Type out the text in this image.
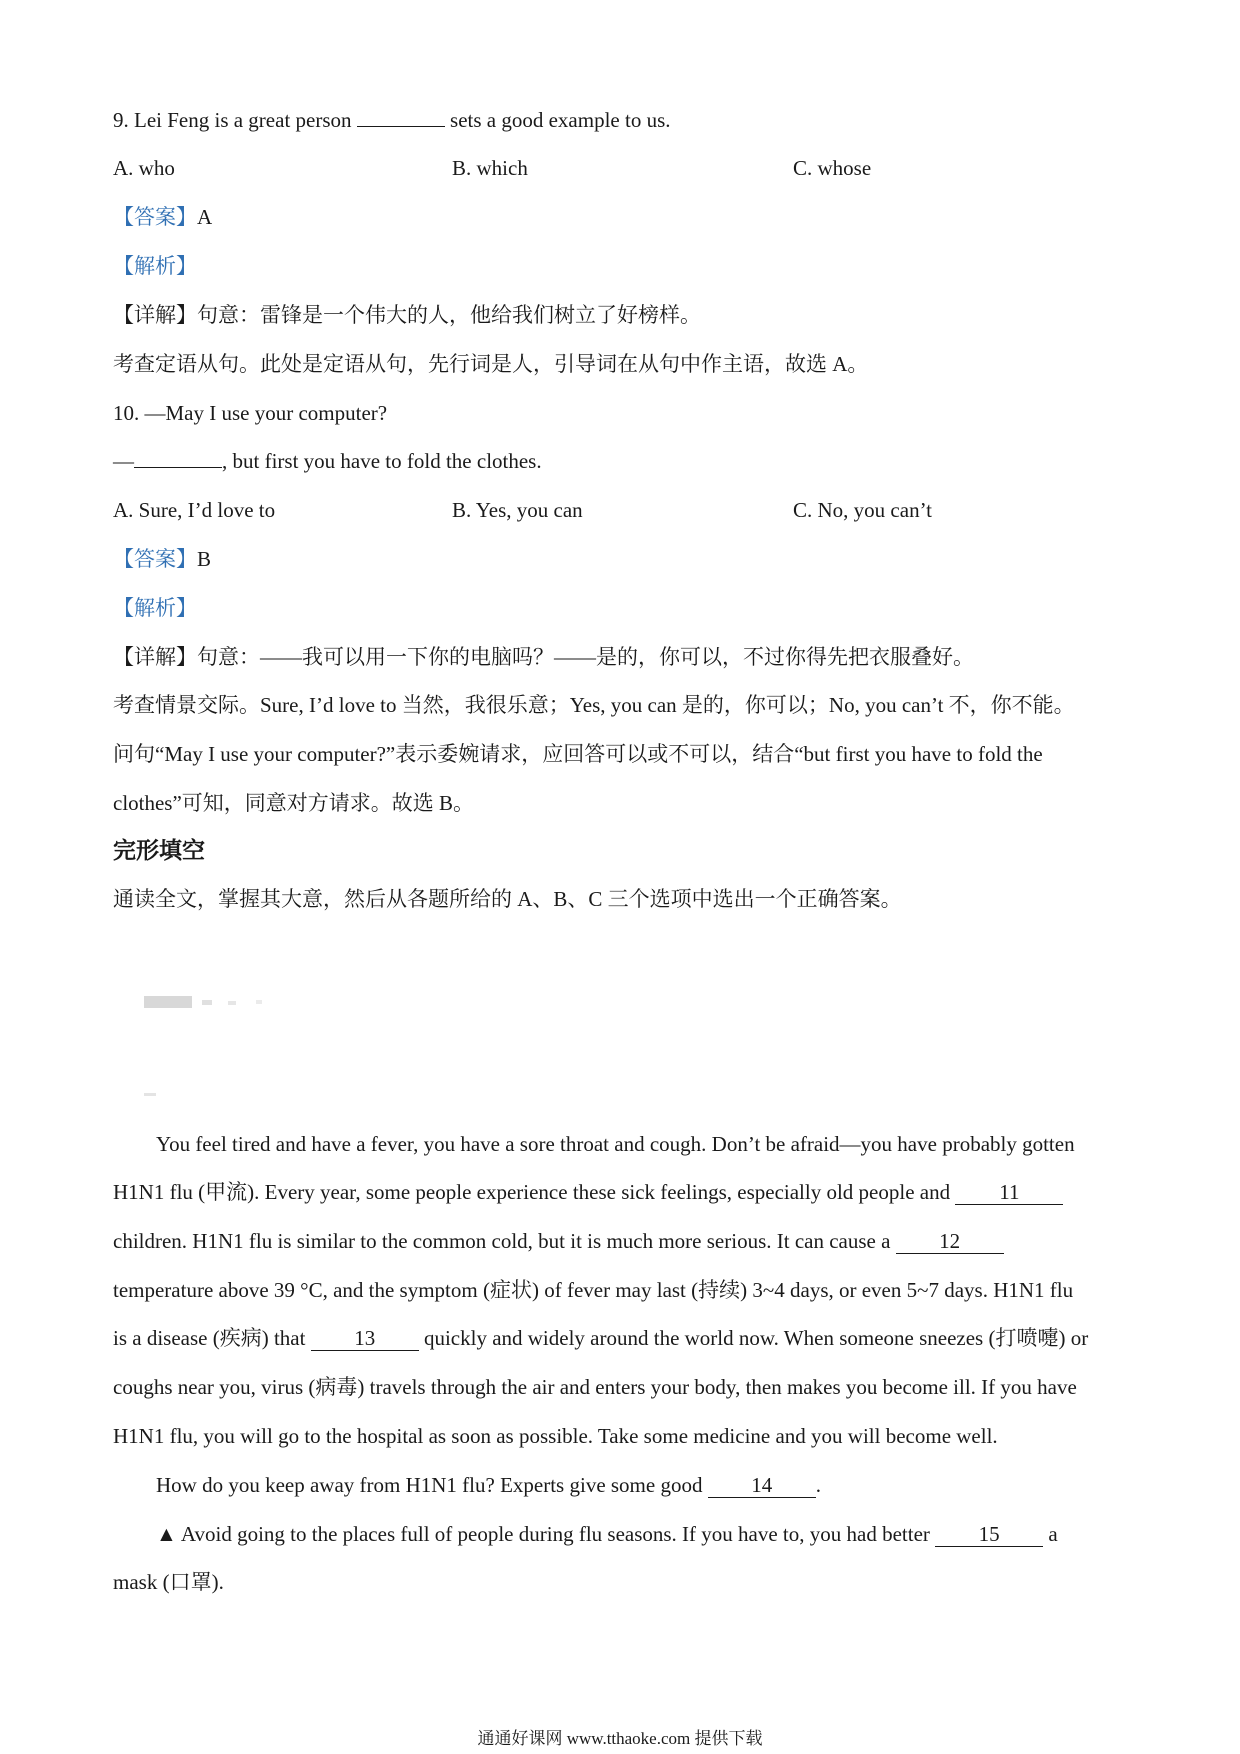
9. Lei Feng is a great person	sets a good example to us.
A. who	B. which	C. whose
【答案】A
【解析】
【详解】句意：雷锋是一个伟大的人，他给我们树立了好榜样。
考查定语从句。此处是定语从句，先行词是人，引导词在从句中作主语，故选 A。
10. —May I use your computer?
—	, but first you have to fold the clothes.
A. Sure, I’d love to	B. Yes, you can	C. No, you can’t
【答案】B
【解析】
【详解】句意：——我可以用一下你的电脑吗？——是的，你可以，不过你得先把衣服叠好。
考查情景交际。Sure, I’d love to 当然，我很乐意；Yes, you can 是的，你可以；No, you can’t 不，你不能。
问句“May I use your computer?”表示委婉请求，应回答可以或不可以，结合“but first you have to fold the
clothes”可知，同意对方请求。故选 B。
完形填空
通读全文，掌握其大意，然后从各题所给的 A、B、C 三个选项中选出一个正确答案。
You feel tired and have a fever, you have a sore throat and cough. Don’t be afraid—you have probably gotten
H1N1 flu (甲流). Every year, some people experience these sick feelings, especially old people and 11
children. H1N1 flu is similar to the common cold, but it is much more serious. It can cause a 12
temperature above 39 °C, and the symptom (症状) of fever may last (持续) 3~4 days, or even 5~7 days. H1N1 flu
is a disease (疾病) that 13 quickly and widely around the world now. When someone sneezes (打喷嚏) or
coughs near you, virus (病毒) travels through the air and enters your body, then makes you become ill. If you have
H1N1 flu, you will go to the hospital as soon as possible. Take some medicine and you will become well.
How do you keep away from H1N1 flu? Experts give some good 14 .
▲ Avoid going to the places full of people during flu seasons. If you have to, you had better 15 a
mask (口罩).
通通好课网 www.tthaoke.com 提供下载
